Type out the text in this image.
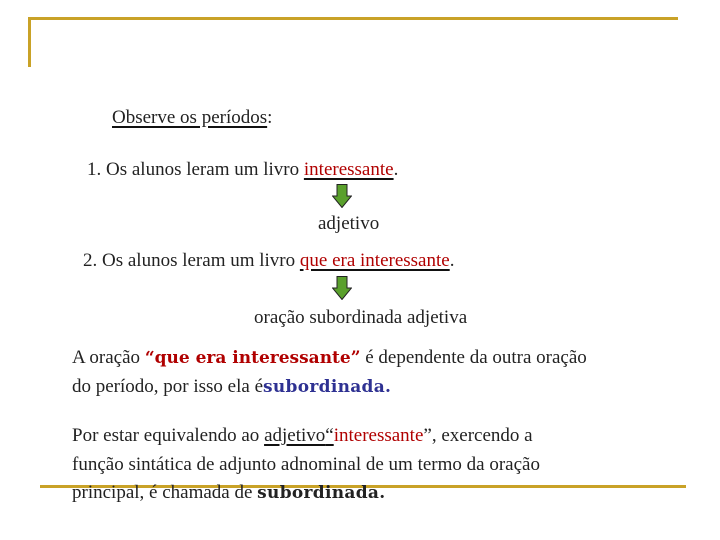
Observe os períodos:
1. Os alunos leram um livro interessante.
adjetivo
2. Os alunos leram um livro que era interessante.
oração subordinada adjetiva
A oração “que era interessante” é dependente da outra oração
do período, por isso ela ésubordinada.
Por estar equivalendo ao adjetivo“interessante”, exercendo a
função sintática de adjunto adnominal de um termo da oração
principal, é chamada de subordinada.
